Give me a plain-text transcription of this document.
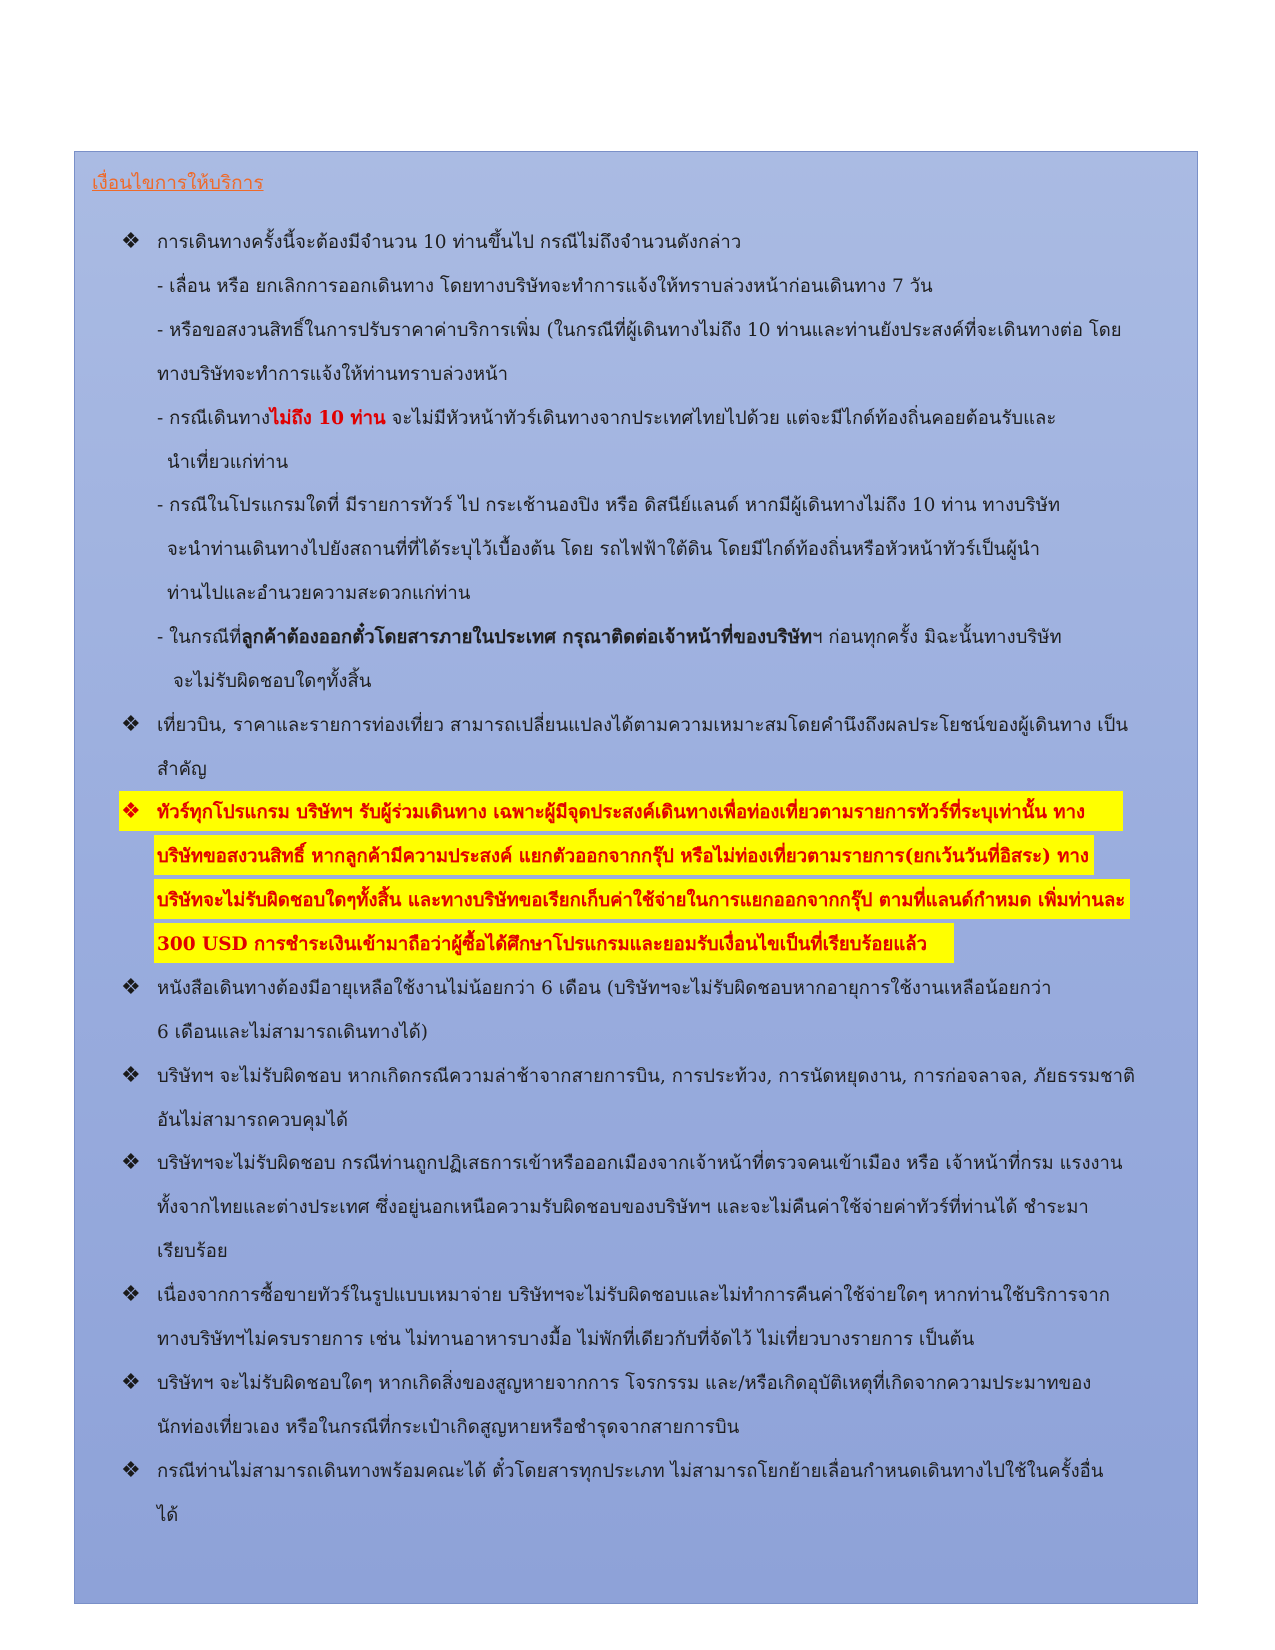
เงื่อนไขการให้บริการ
❖ การเดินทางครั้งนี้จะต้องมีจำนวน 10 ท่านขึ้นไป กรณีไม่ถึงจำนวนดังกล่าว
- เลื่อน หรือ ยกเลิกการออกเดินทาง โดยทางบริษัทจะทำการแจ้งให้ทราบล่วงหน้าก่อนเดินทาง 7 วัน
- หรือขอสงวนสิทธิ์ในการปรับราคาค่าบริการเพิ่ม (ในกรณีที่ผู้เดินทางไม่ถึง 10 ท่านและท่านยังประสงค์ที่จะเดินทางต่อ โดย
ทางบริษัทจะทำการแจ้งให้ท่านทราบล่วงหน้า
- กรณีเดินทางไม่ถึง 10 ท่าน จะไม่มีหัวหน้าทัวร์เดินทางจากประเทศไทยไปด้วย แต่จะมีไกด์ท้องถิ่นคอยต้อนรับและ
นำเที่ยวแก่ท่าน
- กรณีในโปรแกรมใดที่ มีรายการทัวร์ ไป กระเช้านองปิง หรือ ดิสนีย์แลนด์ หากมีผู้เดินทางไม่ถึง 10 ท่าน ทางบริษัท
จะนำท่านเดินทางไปยังสถานที่ที่ได้ระบุไว้เบื้องต้น โดย รถไฟฟ้าใต้ดิน โดยมีไกด์ท้องถิ่นหรือหัวหน้าทัวร์เป็นผู้นำ
ท่านไปและอำนวยความสะดวกแก่ท่าน
- ในกรณีที่ลูกค้าต้องออกตั๋วโดยสารภายในประเทศ กรุณาติดต่อเจ้าหน้าที่ของบริษัทฯ ก่อนทุกครั้ง มิฉะนั้นทางบริษัท
จะไม่รับผิดชอบใดๆทั้งสิ้น
❖ เที่ยวบิน, ราคาและรายการท่องเที่ยว สามารถเปลี่ยนแปลงได้ตามความเหมาะสมโดยคำนึงถึงผลประโยชน์ของผู้เดินทาง เป็น
สำคัญ
❖ ทัวร์ทุกโปรแกรม บริษัทฯ รับผู้ร่วมเดินทาง เฉพาะผู้มีจุดประสงค์เดินทางเพื่อท่องเที่ยวตามรายการทัวร์ที่ระบุเท่านั้น ทาง
บริษัทขอสงวนสิทธิ์ หากลูกค้ามีความประสงค์ แยกตัวออกจากกรุ๊ป หรือไม่ท่องเที่ยวตามรายการ(ยกเว้นวันที่อิสระ) ทาง
บริษัทจะไม่รับผิดชอบใดๆทั้งสิ้น และทางบริษัทขอเรียกเก็บค่าใช้จ่ายในการแยกออกจากกรุ๊ป ตามที่แลนด์กำหมด เพิ่มท่านละ
300 USD การชำระเงินเข้ามาถือว่าผู้ซื้อได้ศึกษาโปรแกรมและยอมรับเงื่อนไขเป็นที่เรียบร้อยแล้ว
❖ หนังสือเดินทางต้องมีอายุเหลือใช้งานไม่น้อยกว่า 6 เดือน (บริษัทฯจะไม่รับผิดชอบหากอายุการใช้งานเหลือน้อยกว่า
6 เดือนและไม่สามารถเดินทางได้)
❖ บริษัทฯ จะไม่รับผิดชอบ หากเกิดกรณีความล่าช้าจากสายการบิน, การประท้วง, การนัดหยุดงาน, การก่อจลาจล, ภัยธรรมชาติ
อันไม่สามารถควบคุมได้
❖ บริษัทฯจะไม่รับผิดชอบ กรณีท่านถูกปฏิเสธการเข้าหรือออกเมืองจากเจ้าหน้าที่ตรวจคนเข้าเมือง หรือ เจ้าหน้าที่กรม แรงงาน
ทั้งจากไทยและต่างประเทศ ซึ่งอยู่นอกเหนือความรับผิดชอบของบริษัทฯ และจะไม่คืนค่าใช้จ่ายค่าทัวร์ที่ท่านได้ ชำระมา
เรียบร้อย
❖ เนื่องจากการซื้อขายทัวร์ในรูปแบบเหมาจ่าย บริษัทฯจะไม่รับผิดชอบและไม่ทำการคืนค่าใช้จ่ายใดๆ หากท่านใช้บริการจาก
ทางบริษัทฯไม่ครบรายการ เช่น ไม่ทานอาหารบางมื้อ ไม่พักที่เดียวกับที่จัดไว้ ไม่เที่ยวบางรายการ เป็นต้น
❖ บริษัทฯ จะไม่รับผิดชอบใดๆ หากเกิดสิ่งของสูญหายจากการ โจรกรรม และ/หรือเกิดอุบัติเหตุที่เกิดจากความประมาทของ
นักท่องเที่ยวเอง หรือในกรณีที่กระเป๋าเกิดสูญหายหรือชำรุดจากสายการบิน
❖ กรณีท่านไม่สามารถเดินทางพร้อมคณะได้ ตั๋วโดยสารทุกประเภท ไม่สามารถโยกย้ายเลื่อนกำหนดเดินทางไปใช้ในครั้งอื่น
ได้
